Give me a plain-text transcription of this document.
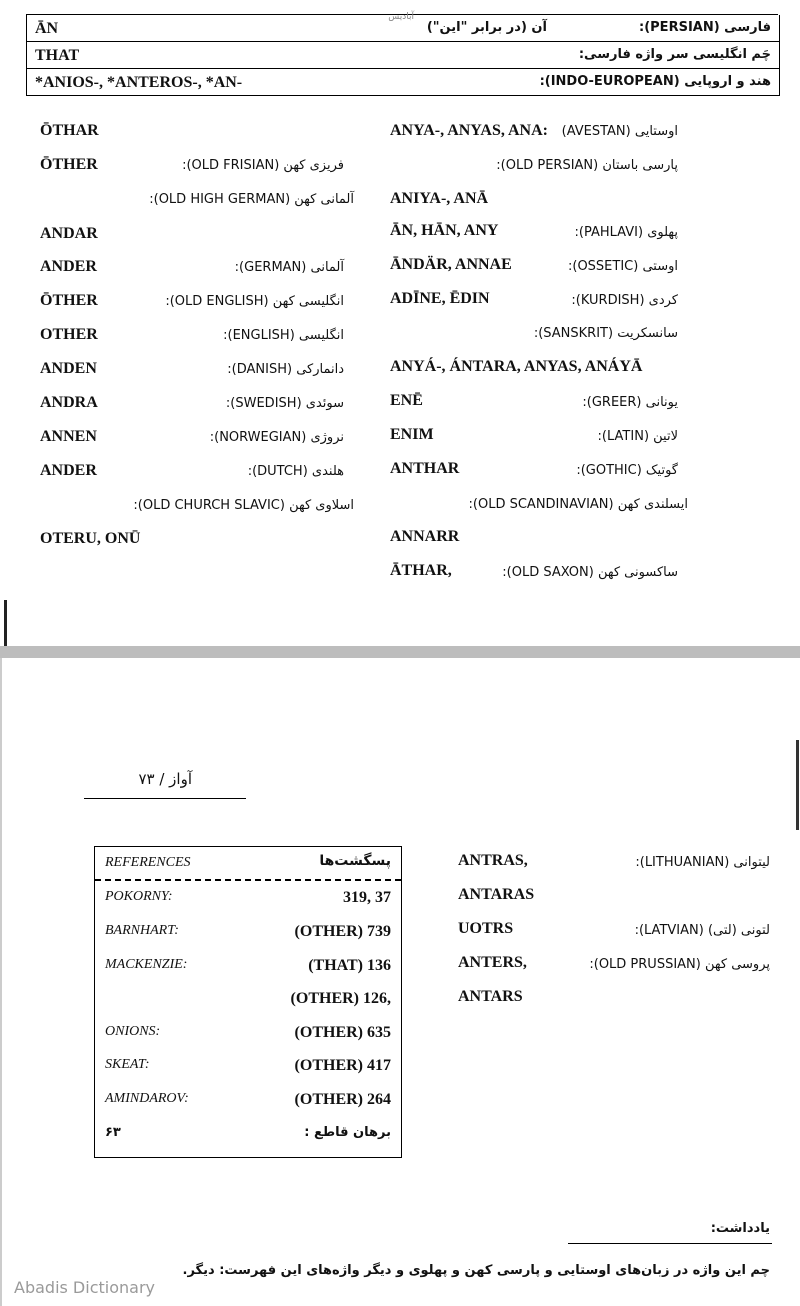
ĀN	فارسی (PERSIAN):
آن (در برابر "این")
آبادیس
THAT	چَم انگلیسی سر واژه فارسی:
*ANIOS-, *ANTEROS-, *AN-	هند و اروپایی (INDO-EUROPEAN):
ŌTHAR
ŌTHER	فریزی کهن (OLD FRISIAN):
آلمانی کهن (OLD HIGH GERMAN):
ANDAR
ANDER	آلمانی (GERMAN):
ŌTHER	انگلیسی کهن (OLD ENGLISH):
OTHER	انگلیسی (ENGLISH):
ANDEN	دانمارکی (DANISH):
ANDRA	سوئدی (SWEDISH):
ANNEN	نروژی (NORWEGIAN):
ANDER	هلندی (DUTCH):
اسلاوی کهن (OLD CHURCH SLAVIC):
OTERU, ONŪ
ANYA-, ANYAS, ANA: اوستایی (AVESTAN)
پارسی باستان (OLD PERSIAN):
ANIYA-, ANĀ
ĀN, HĀN, ANY	پهلوی (PAHLAVI):
ĀNDÄR, ANNAE	اوستی (OSSETIC):
ADĪNE, ĒDIN	کردی (KURDISH):
سانسکریت (SANSKRIT):
ANYÁ-, ÁNTARA, ANYAS, ANÁYĀ
ENĒ	یونانی (GREER):
ENIM	لاتین (LATIN):
ANTHAR	گوتیک (GOTHIC):
ایسلندی کهن (OLD SCANDINAVIAN):
ANNARR
ĀTHAR,	ساکسونی کهن (OLD SAXON):
آواز / ۷۳
REFERENCES	پسگشت‌ها
POKORNY:	319, 37
BARNHART:	(OTHER) 739
MACKENZIE:	(THAT) 136
(OTHER) 126,
ONIONS:	(OTHER) 635
SKEAT:	(OTHER) 417
AMINDAROV:	(OTHER) 264
۶۳	برهان قاطع :
ANTRAS,	لیتوانی (LITHUANIAN):
ANTARAS
UOTRS	لتونی (لتی) (LATVIAN):
ANTERS,	پروسی کهن (OLD PRUSSIAN):
ANTARS
یادداشت:
چم این واژه در زبان‌های اوستایی و پارسی کهن و پهلوی و دیگر واژه‌های این فهرست: دیگر.
Abadis Dictionary
